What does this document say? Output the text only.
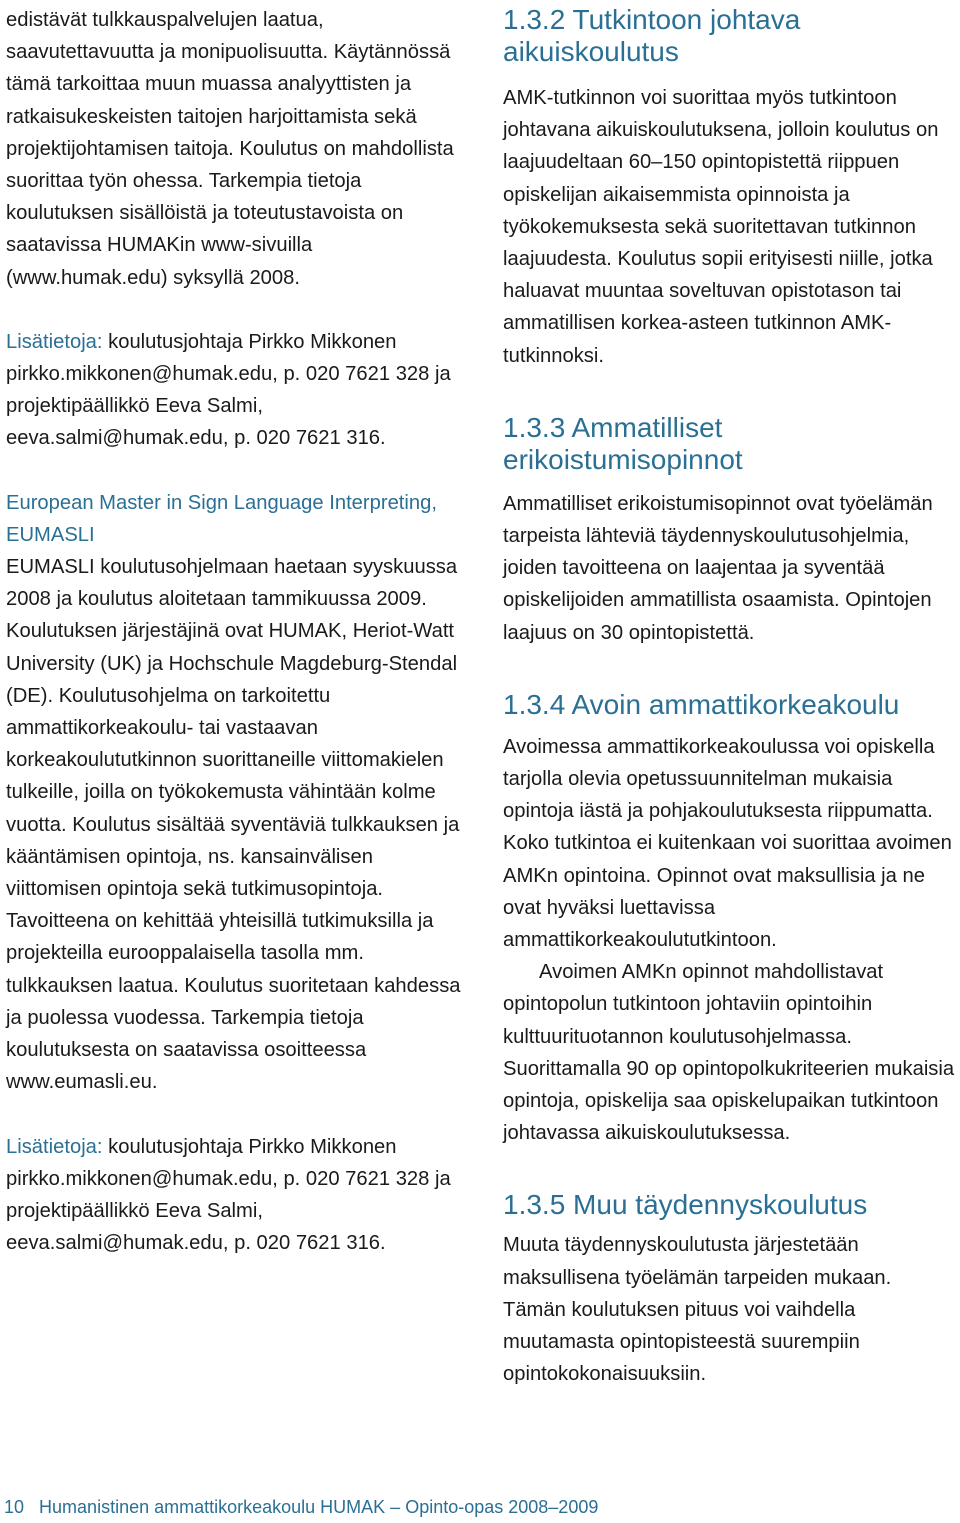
edistävät tulkkauspalvelujen laatua, saavutettavuutta ja monipuolisuutta. Käytännössä tämä tarkoittaa muun muassa analyyttisten ja ratkaisukeskeisten taitojen harjoittamista sekä projektijohtamisen taitoja. Koulutus on mahdollista suorittaa työn ohessa. Tarkempia tietoja koulutuksen sisällöistä ja toteutustavoista on saatavissa HUMAKin www-sivuilla (www.humak.edu) syksyllä 2008.

Lisätietoja: koulutusjohtaja Pirkko Mikkonen pirkko.mikkonen@humak.edu, p. 020 7621 328 ja projektipäällikkö Eeva Salmi, eeva.salmi@humak.edu, p. 020 7621 316.

European Master in Sign Language Interpreting, EUMASLI

EUMASLI koulutusohjelmaan haetaan syyskuussa 2008 ja koulutus aloitetaan tammikuussa 2009. Koulutuksen järjestäjinä ovat HUMAK, Heriot-Watt University (UK) ja Hochschule Magdeburg-Stendal (DE). Koulutusohjelma on tarkoitettu ammattikorkeakoulu- tai vastaavan korkeakoulututkinnon suorittaneille viittomakielen tulkeille, joilla on työkokemusta vähintään kolme vuotta. Koulutus sisältää syventäviä tulkkauksen ja kääntämisen opintoja, ns. kansainvälisen viittomisen opintoja sekä tutkimusopintoja. Tavoitteena on kehittää yhteisillä tutkimuksilla ja projekteilla eurooppalaisella tasolla mm. tulkkauksen laatua. Koulutus suoritetaan kahdessa ja puolessa vuodessa. Tarkempia tietoja koulutuksesta on saatavissa osoitteessa www.eumasli.eu.

Lisätietoja: koulutusjohtaja Pirkko Mikkonen pirkko.mikkonen@humak.edu, p. 020 7621 328 ja projektipäällikkö Eeva Salmi, eeva.salmi@humak.edu, p. 020 7621 316.

1.3.2 Tutkintoon johtava aikuiskoulutus

AMK-tutkinnon voi suorittaa myös tutkintoon johtavana aikuiskoulutuksena, jolloin koulutus on laajuudeltaan 60–150 opintopistettä riippuen opiskelijan aikaisemmista opinnoista ja työkokemuksesta sekä suoritettavan tutkinnon laajuudesta. Koulutus sopii erityisesti niille, jotka haluavat muuntaa soveltuvan opistotason tai ammatillisen korkea-asteen tutkinnon AMK-tutkinnoksi.

1.3.3 Ammatilliset erikoistumisopinnot

Ammatilliset erikoistumisopinnot ovat työelämän tarpeista lähteviä täydennyskoulutusohjelmia, joiden tavoitteena on laajentaa ja syventää opiskelijoiden ammatillista osaamista. Opintojen laajuus on 30 opintopistettä.

1.3.4 Avoin ammattikorkeakoulu

Avoimessa ammattikorkeakoulussa voi opiskella tarjolla olevia opetussuunnitelman mukaisia opintoja iästä ja pohjakoulutuksesta riippumatta. Koko tutkintoa ei kuitenkaan voi suorittaa avoimen AMKn opintoina. Opinnot ovat maksullisia ja ne ovat hyväksi luettavissa ammattikorkeakoulututkintoon.

Avoimen AMKn opinnot mahdollistavat opintopolun tutkintoon johtaviin opintoihin kulttuurituotannon koulutusohjelmassa. Suorittamalla 90 op opintopolkukriteerien mukaisia opintoja, opiskelija saa opiskelupaikan tutkintoon johtavassa aikuiskoulutuksessa.

1.3.5 Muu täydennyskoulutus

Muuta täydennyskoulutusta järjestetään maksullisena työelämän tarpeiden mukaan. Tämän koulutuksen pituus voi vaihdella muutamasta opintopisteestä suurempiin opintokokonaisuuksiin.

10 Humanistinen ammattikorkeakoulu HUMAK – Opinto-opas 2008–2009
